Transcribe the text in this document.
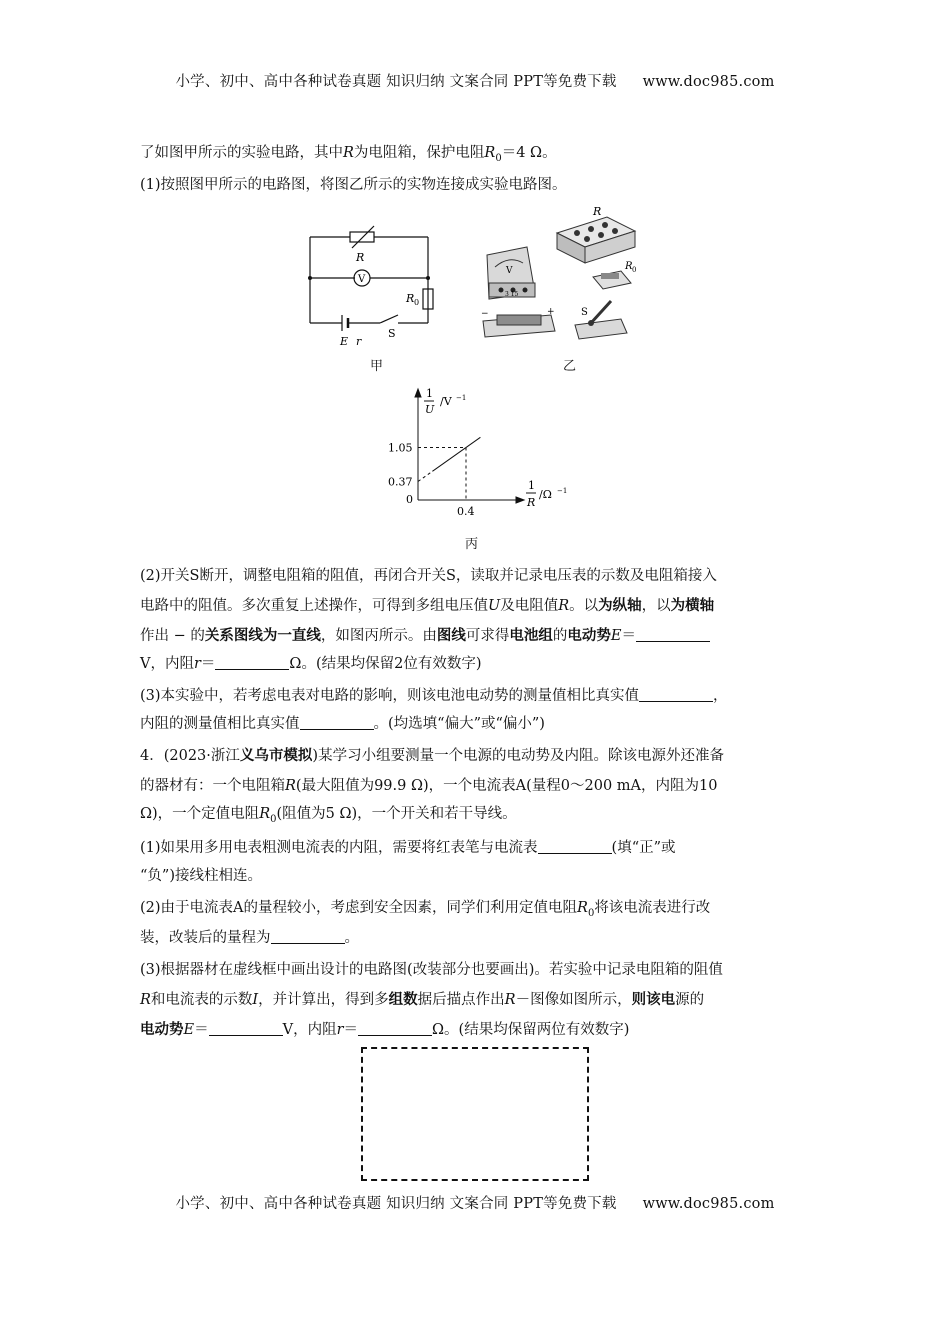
小学、初中、高中各种试卷真题 知识归纳 文案合同 PPT等免费下载 www.doc985.com
了如图甲所示的实验电路，其中R为电阻箱，保护电阻$R_0=4$ Ω。
(1)按照图甲所示的电路图，将图乙所示的实物连接成实验电路图。
R
V
R 0
S
E r
甲
R
V
3 15
R 0
−	+	S
乙
1
U
/V −1
1
R
/Ω −1
1.05
0.37
0
0.4
丙
(2)开关S断开，调整电阻箱的阻值，再闭合开关S，读取并记录电压表的示数及电阻箱接入
电路中的阻值。多次重复上述操作，可得到多组电压值U及电阻值R。以为纵轴，以为横轴
作出 − 的关系图线为一直线，如图丙所示。由图线可求得电池组的电动势E＝
V，内阻r＝	Ω。(结果均保留2位有效数字)
(3)本实验中，若考虑电表对电路的影响，则该电池电动势的测量值相比真实值	，
内阻的测量值相比真实值	。(均选填“偏大”或“偏小”)
4．(2023·浙江义乌市模拟)某学习小组要测量一个电源的电动势及内阻。除该电源外还准备
的器材有：一个电阻箱R(最大阻值为99.9 Ω)，一个电流表A(量程0～200 mA，内阻为10
Ω)，一个定值电阻$R_0$(阻值为5 Ω)，一个开关和若干导线。
(1)如果用多用电表粗测电流表的内阻，需要将红表笔与电流表	(填“正”或
“负”)接线柱相连。
(2)由于电流表A的量程较小，考虑到安全因素，同学们利用定值电阻$R_0$将该电流表进行改
装，改装后的量程为	。
(3)根据器材在虚线框中画出设计的电路图(改装部分也要画出)。若实验中记录电阻箱的阻值
R和电流表的示数I，并计算出，得到多组数据后描点作出R－图像如图所示，则该电源的
电动势E＝	V，内阻r＝	Ω。(结果均保留两位有效数字)
小学、初中、高中各种试卷真题 知识归纳 文案合同 PPT等免费下载 www.doc985.com
